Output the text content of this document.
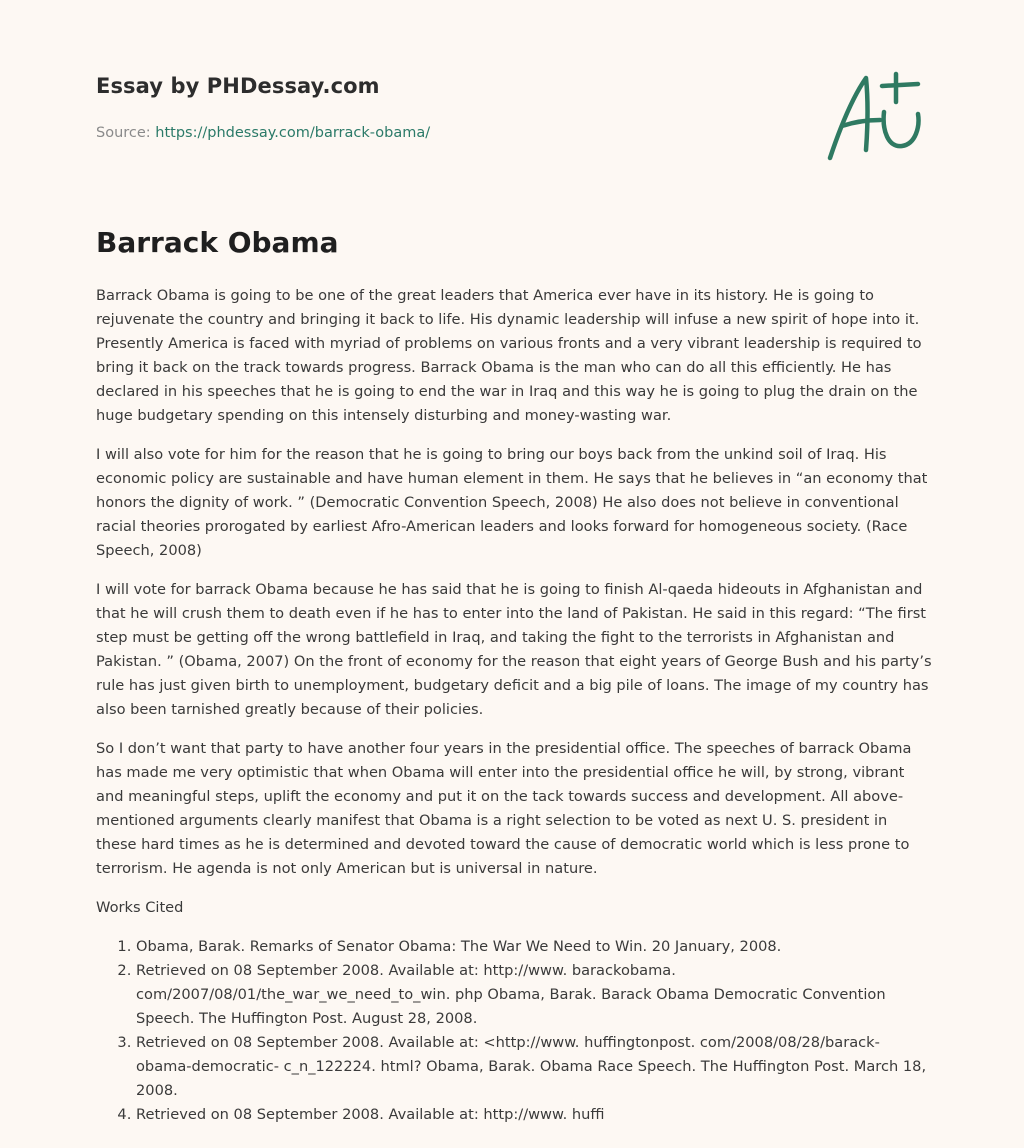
Essay by PHDessay.com
Source: https://phdessay.com/barrack-obama/
Barrack Obama

Barrack Obama is going to be one of the great leaders that America ever have in its history. He is going to rejuvenate the country and bringing it back to life. His dynamic leadership will infuse a new spirit of hope into it. Presently America is faced with myriad of problems on various fronts and a very vibrant leadership is required to bring it back on the track towards progress. Barrack Obama is the man who can do all this efficiently. He has declared in his speeches that he is going to end the war in Iraq and this way he is going to plug the drain on the huge budgetary spending on this intensely disturbing and money-wasting war.

I will also vote for him for the reason that he is going to bring our boys back from the unkind soil of Iraq. His economic policy are sustainable and have human element in them. He says that he believes in “an economy that honors the dignity of work. ” (Democratic Convention Speech, 2008) He also does not believe in conventional racial theories prorogated by earliest Afro-American leaders and looks forward for homogeneous society. (Race Speech, 2008)

I will vote for barrack Obama because he has said that he is going to finish Al-qaeda hideouts in Afghanistan and that he will crush them to death even if he has to enter into the land of Pakistan. He said in this regard: “The first step must be getting off the wrong battlefield in Iraq, and taking the fight to the terrorists in Afghanistan and Pakistan. ” (Obama, 2007) On the front of economy for the reason that eight years of George Bush and his party’s rule has just given birth to unemployment, budgetary deficit and a big pile of loans. The image of my country has also been tarnished greatly because of their policies.

So I don’t want that party to have another four years in the presidential office. The speeches of barrack Obama has made me very optimistic that when Obama will enter into the presidential office he will, by strong, vibrant and meaningful steps, uplift the economy and put it on the tack towards success and development. All above-mentioned arguments clearly manifest that Obama is a right selection to be voted as next U. S. president in these hard times as he is determined and devoted toward the cause of democratic world which is less prone to terrorism. He agenda is not only American but is universal in nature.

Works Cited

1. Obama, Barak. Remarks of Senator Obama: The War We Need to Win. 20 January, 2008.
2. Retrieved on 08 September 2008. Available at: http://www. barackobama. com/2007/08/01/the_war_we_need_to_win. php Obama, Barak. Barack Obama Democratic Convention Speech. The Huffington Post. August 28, 2008.
3. Retrieved on 08 September 2008. Available at: <http://www. huffingtonpost. com/2008/08/28/barack-obama-democratic- c_n_122224. html? Obama, Barak. Obama Race Speech. The Huffington Post. March 18, 2008.
4. Retrieved on 08 September 2008. Available at: http://www. huffi
